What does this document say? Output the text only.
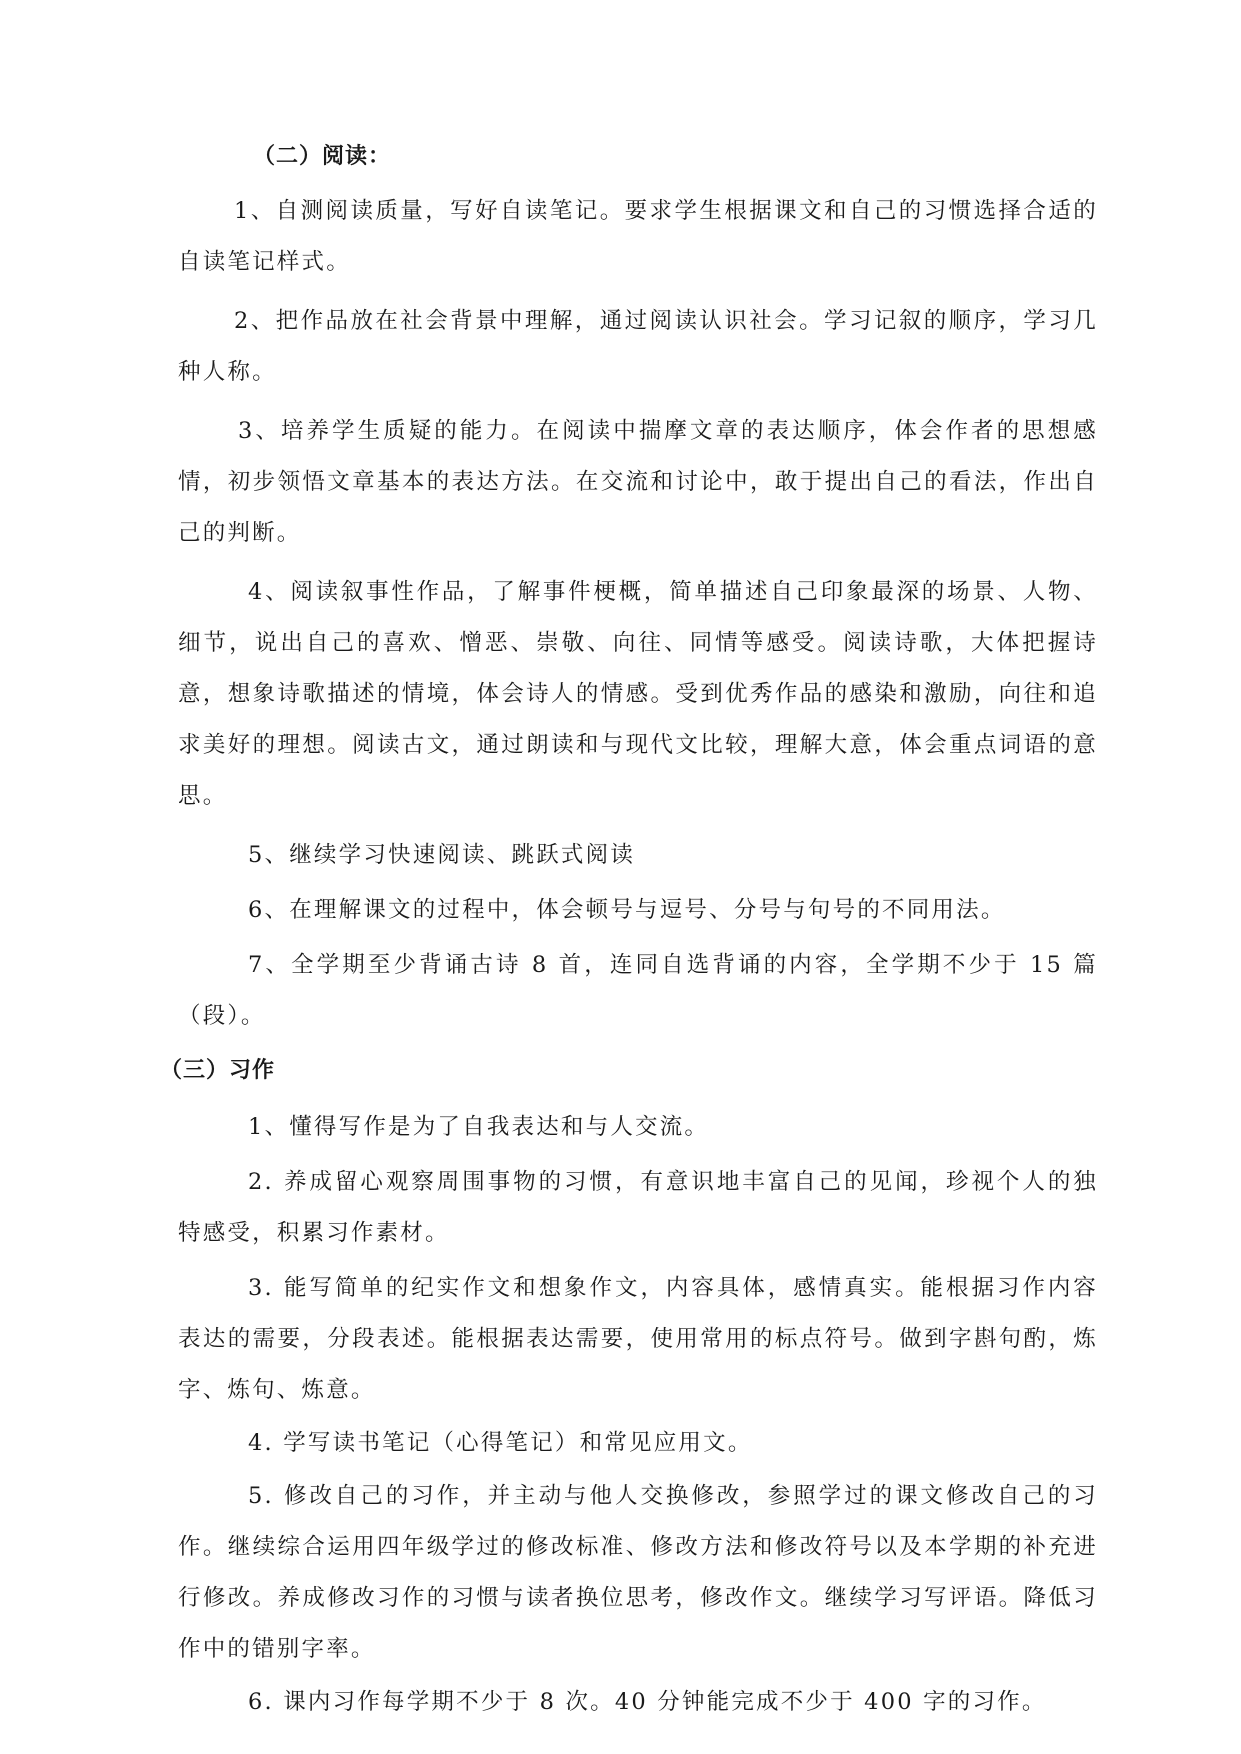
（二）阅读：

1、自测阅读质量，写好自读笔记。要求学生根据课文和自己的习惯选择合适的自读笔记样式。

2、把作品放在社会背景中理解，通过阅读认识社会。学习记叙的顺序，学习几种人称。

3、培养学生质疑的能力。在阅读中揣摩文章的表达顺序，体会作者的思想感情，初步领悟文章基本的表达方法。在交流和讨论中，敢于提出自己的看法，作出自己的判断。

4、阅读叙事性作品，了解事件梗概，简单描述自己印象最深的场景、人物、细节，说出自己的喜欢、憎恶、崇敬、向往、同情等感受。阅读诗歌，大体把握诗意，想象诗歌描述的情境，体会诗人的情感。受到优秀作品的感染和激励，向往和追求美好的理想。阅读古文，通过朗读和与现代文比较，理解大意，体会重点词语的意思。

5、继续学习快速阅读、跳跃式阅读

6、在理解课文的过程中，体会顿号与逗号、分号与句号的不同用法。

7、全学期至少背诵古诗 8 首，连同自选背诵的内容，全学期不少于 15 篇（段）。

（三）习作

1、懂得写作是为了自我表达和与人交流。

2. 养成留心观察周围事物的习惯，有意识地丰富自己的见闻，珍视个人的独特感受，积累习作素材。

3. 能写简单的纪实作文和想象作文，内容具体，感情真实。能根据习作内容表达的需要，分段表述。能根据表达需要，使用常用的标点符号。做到字斟句酌，炼字、炼句、炼意。

4. 学写读书笔记（心得笔记）和常见应用文。

5. 修改自己的习作，并主动与他人交换修改，参照学过的课文修改自己的习作。继续综合运用四年级学过的修改标准、修改方法和修改符号以及本学期的补充进行修改。养成修改习作的习惯与读者换位思考，修改作文。继续学习写评语。降低习作中的错别字率。

6. 课内习作每学期不少于 8 次。40 分钟能完成不少于 400 字的习作。
